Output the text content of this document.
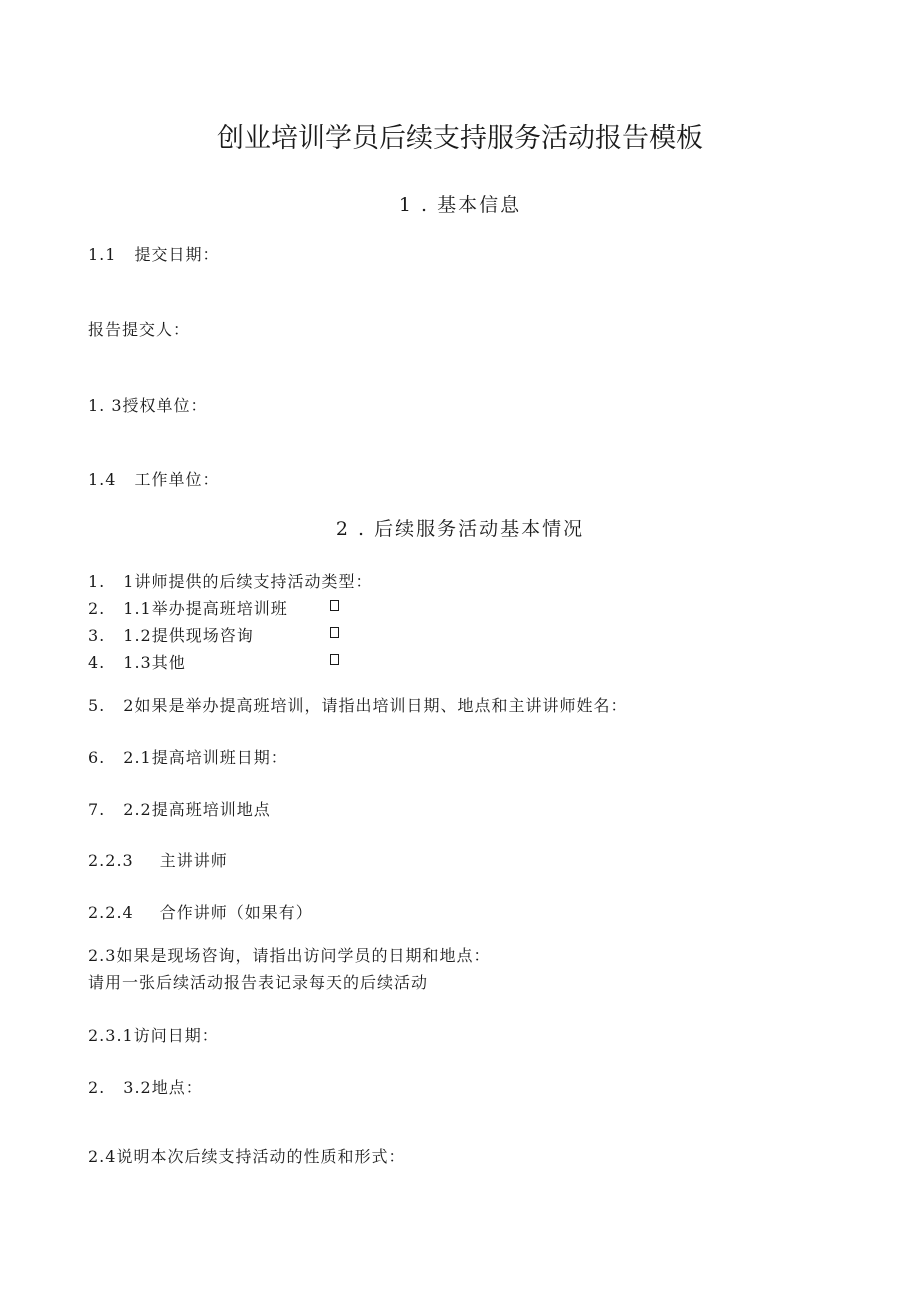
创业培训学员后续支持服务活动报告模板
1 . 基本信息
1.1 提交日期：
报告提交人：
1. 3授权单位：
1.4 工作单位：
2 . 后续服务活动基本情况
1. 1讲师提供的后续支持活动类型：
2. 1.1举办提高班培训班
3. 1.2提供现场咨询
4. 1.3其他
5. 2如果是举办提高班培训，请指出培训日期、地点和主讲讲师姓名：
6. 2.1提高培训班日期：
7. 2.2提高班培训地点
2.2.3 主讲讲师
2.2.4 合作讲师（如果有）
2.3如果是现场咨询，请指出访问学员的日期和地点：
请用一张后续活动报告表记录每天的后续活动
2.3.1访问日期：
2. 3.2地点：
2.4说明本次后续支持活动的性质和形式：
